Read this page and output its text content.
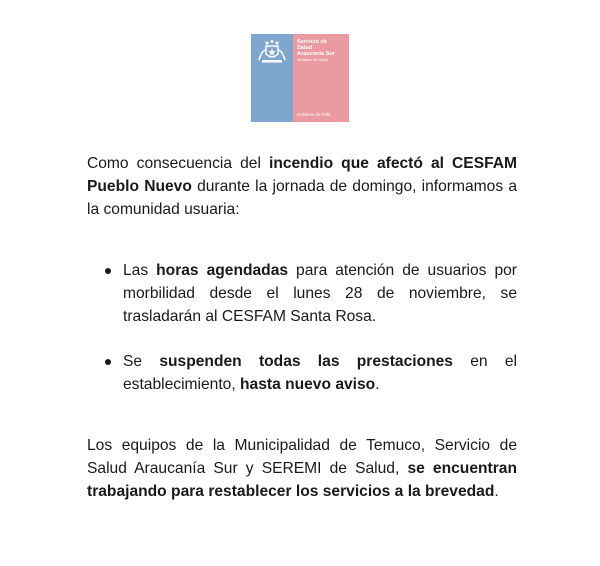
Servicio de
Salud
Araucanía Sur
Ministerio de Salud
Gobierno de Chile

Como consecuencia del incendio que afectó al CESFAM Pueblo Nuevo durante la jornada de domingo, informamos a la comunidad usuaria:

Las horas agendadas para atención de usuarios por morbilidad desde el lunes 28 de noviembre, se trasladarán al CESFAM Santa Rosa.
Se suspenden todas las prestaciones en el establecimiento, hasta nuevo aviso.

Los equipos de la Municipalidad de Temuco, Servicio de Salud Araucanía Sur y SEREMI de Salud, se encuentran trabajando para restablecer los servicios a la brevedad.
